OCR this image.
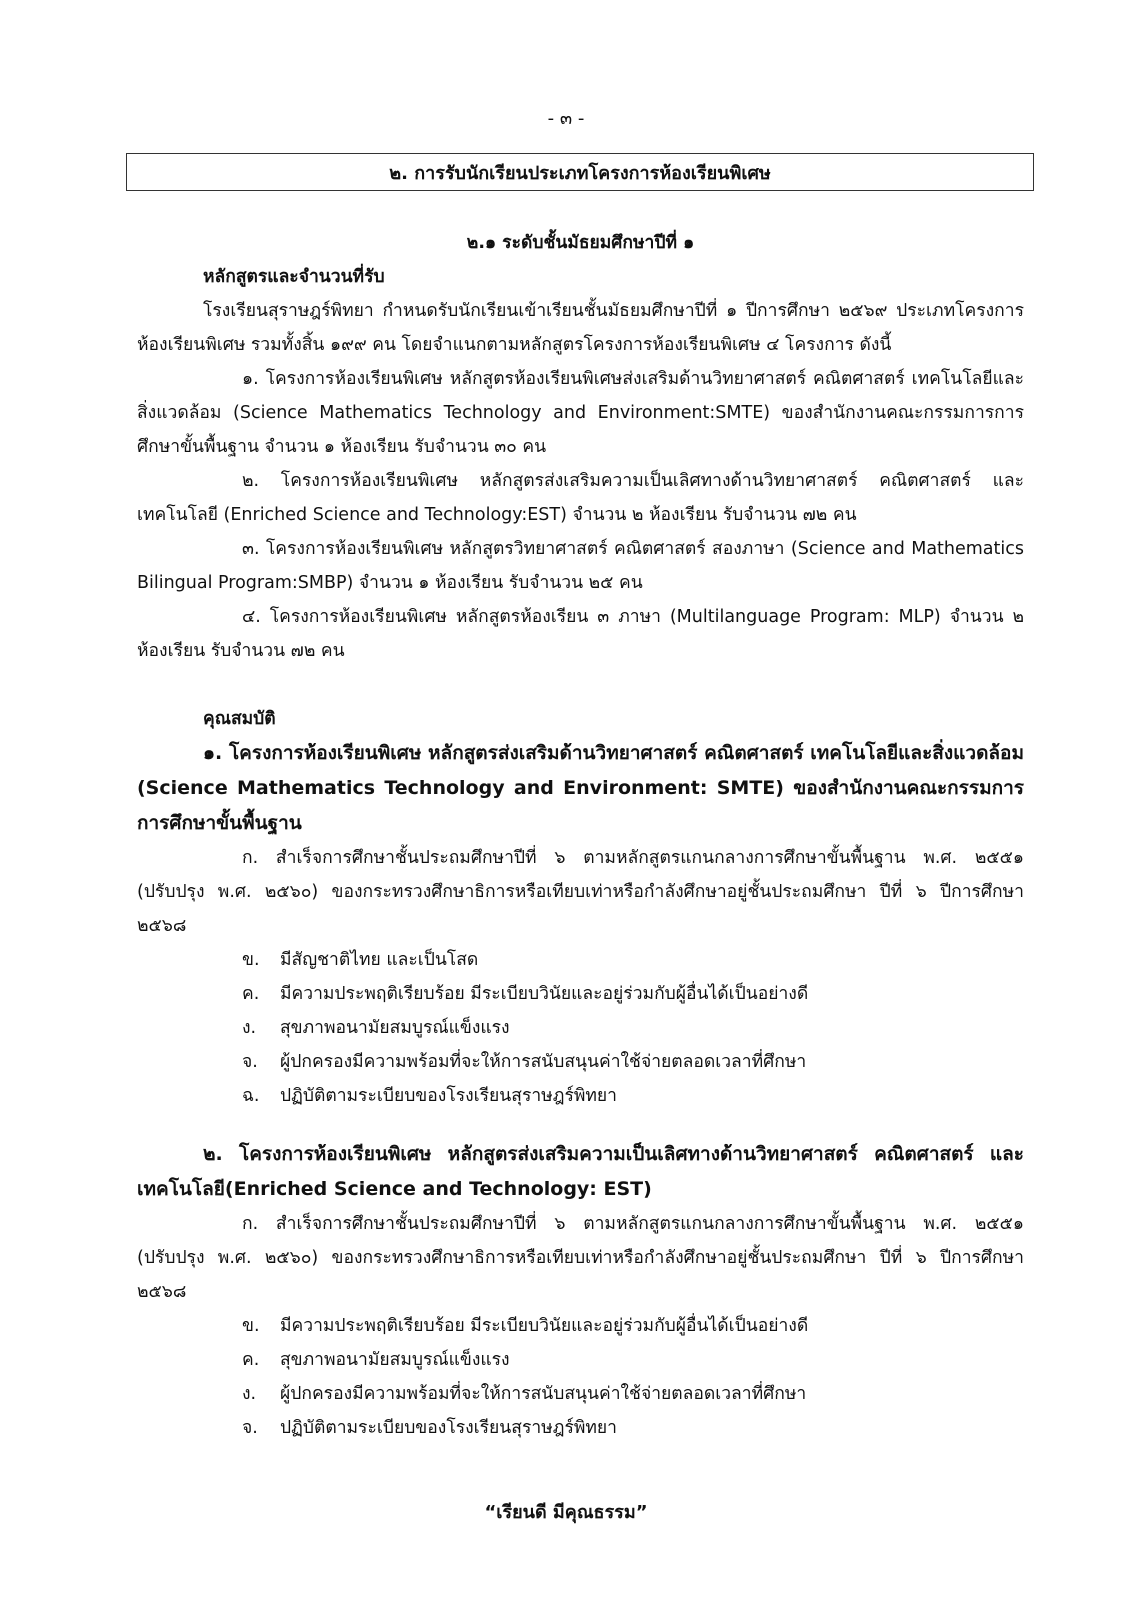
- ๓ -
๒. การรับนักเรียนประเภทโครงการห้องเรียนพิเศษ
๒.๑ ระดับชั้นมัธยมศึกษาปีที่ ๑
หลักสูตรและจำนวนที่รับ
โรงเรียนสุราษฎร์พิทยา กำหนดรับนักเรียนเข้าเรียนชั้นมัธยมศึกษาปีที่ ๑ ปีการศึกษา ๒๕๖๙ ประเภทโครงการห้องเรียนพิเศษ รวมทั้งสิ้น ๑๙๙ คน โดยจำแนกตามหลักสูตรโครงการห้องเรียนพิเศษ ๔ โครงการ ดังนี้
๑. โครงการห้องเรียนพิเศษ หลักสูตรห้องเรียนพิเศษส่งเสริมด้านวิทยาศาสตร์ คณิตศาสตร์ เทคโนโลยีและสิ่งแวดล้อม (Science Mathematics Technology and Environment:SMTE) ของสำนักงานคณะกรรมการการศึกษาขั้นพื้นฐาน จำนวน ๑ ห้องเรียน รับจำนวน ๓๐ คน
๒. โครงการห้องเรียนพิเศษ หลักสูตรส่งเสริมความเป็นเลิศทางด้านวิทยาศาสตร์ คณิตศาสตร์ และเทคโนโลยี (Enriched Science and Technology:EST) จำนวน ๒ ห้องเรียน รับจำนวน ๗๒ คน
๓. โครงการห้องเรียนพิเศษ หลักสูตรวิทยาศาสตร์ คณิตศาสตร์ สองภาษา (Science and Mathematics Bilingual Program:SMBP) จำนวน ๑ ห้องเรียน รับจำนวน ๒๕ คน
๔. โครงการห้องเรียนพิเศษ หลักสูตรห้องเรียน ๓ ภาษา (Multilanguage Program: MLP) จำนวน ๒ ห้องเรียน รับจำนวน ๗๒ คน
คุณสมบัติ
๑. โครงการห้องเรียนพิเศษ หลักสูตรส่งเสริมด้านวิทยาศาสตร์ คณิตศาสตร์ เทคโนโลยีและสิ่งแวดล้อม (Science Mathematics Technology and Environment: SMTE) ของสำนักงานคณะกรรมการการศึกษาขั้นพื้นฐาน
ก. สำเร็จการศึกษาชั้นประถมศึกษาปีที่ ๖ ตามหลักสูตรแกนกลางการศึกษาขั้นพื้นฐาน พ.ศ. ๒๕๕๑ (ปรับปรุง พ.ศ. ๒๕๖๐) ของกระทรวงศึกษาธิการหรือเทียบเท่าหรือกำลังศึกษาอยู่ชั้นประถมศึกษา ปีที่ ๖ ปีการศึกษา ๒๕๖๘
ข.	มีสัญชาติไทย และเป็นโสด
ค.	มีความประพฤติเรียบร้อย มีระเบียบวินัยและอยู่ร่วมกับผู้อื่นได้เป็นอย่างดี
ง.	สุขภาพอนามัยสมบูรณ์แข็งแรง
จ.	ผู้ปกครองมีความพร้อมที่จะให้การสนับสนุนค่าใช้จ่ายตลอดเวลาที่ศึกษา
ฉ.	ปฏิบัติตามระเบียบของโรงเรียนสุราษฎร์พิทยา
๒. โครงการห้องเรียนพิเศษ หลักสูตรส่งเสริมความเป็นเลิศทางด้านวิทยาศาสตร์ คณิตศาสตร์ และเทคโนโลยี(Enriched Science and Technology: EST)
ก. สำเร็จการศึกษาชั้นประถมศึกษาปีที่ ๖ ตามหลักสูตรแกนกลางการศึกษาขั้นพื้นฐาน พ.ศ. ๒๕๕๑ (ปรับปรุง พ.ศ. ๒๕๖๐) ของกระทรวงศึกษาธิการหรือเทียบเท่าหรือกำลังศึกษาอยู่ชั้นประถมศึกษา ปีที่ ๖ ปีการศึกษา ๒๕๖๘
ข.	มีความประพฤติเรียบร้อย มีระเบียบวินัยและอยู่ร่วมกับผู้อื่นได้เป็นอย่างดี
ค.	สุขภาพอนามัยสมบูรณ์แข็งแรง
ง.	ผู้ปกครองมีความพร้อมที่จะให้การสนับสนุนค่าใช้จ่ายตลอดเวลาที่ศึกษา
จ.	ปฏิบัติตามระเบียบของโรงเรียนสุราษฎร์พิทยา
“เรียนดี มีคุณธรรม”
